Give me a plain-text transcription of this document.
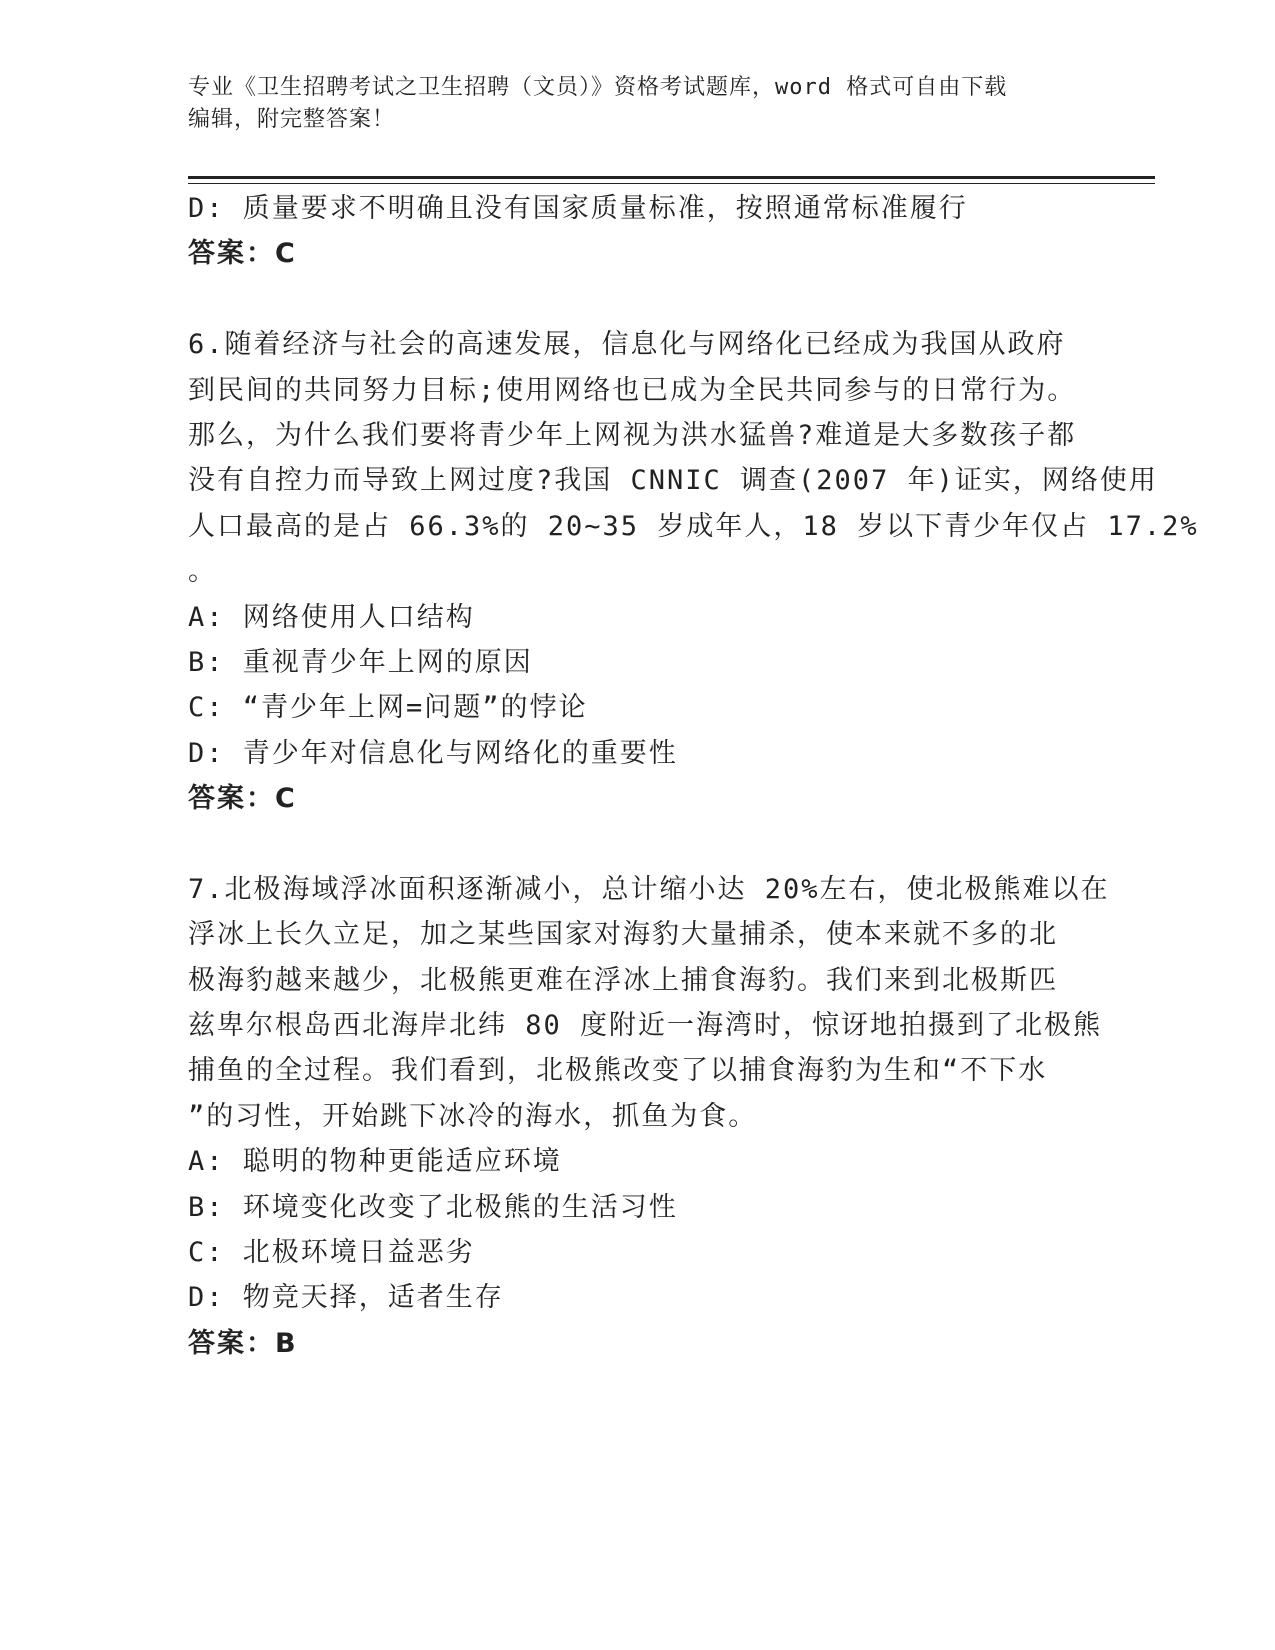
专业《卫生招聘考试之卫生招聘（文员）》资格考试题库，word 格式可自由下载
编辑，附完整答案！
D: 质量要求不明确且没有国家质量标准，按照通常标准履行
答案：C
6.随着经济与社会的高速发展，信息化与网络化已经成为我国从政府
到民间的共同努力目标;使用网络也已成为全民共同参与的日常行为。
那么，为什么我们要将青少年上网视为洪水猛兽?难道是大多数孩子都
没有自控力而导致上网过度?我国 CNNIC 调查(2007 年)证实，网络使用
人口最高的是占 66.3%的 20~35 岁成年人，18 岁以下青少年仅占 17.2%
。
A: 网络使用人口结构
B: 重视青少年上网的原因
C: “青少年上网=问题”的悖论
D: 青少年对信息化与网络化的重要性
答案：C
7.北极海域浮冰面积逐渐减小，总计缩小达 20%左右，使北极熊难以在
浮冰上长久立足，加之某些国家对海豹大量捕杀，使本来就不多的北
极海豹越来越少，北极熊更难在浮冰上捕食海豹。我们来到北极斯匹
兹卑尔根岛西北海岸北纬 80 度附近一海湾时，惊讶地拍摄到了北极熊
捕鱼的全过程。我们看到，北极熊改变了以捕食海豹为生和“不下水
”的习性，开始跳下冰冷的海水，抓鱼为食。
A: 聪明的物种更能适应环境
B: 环境变化改变了北极熊的生活习性
C: 北极环境日益恶劣
D: 物竞天择，适者生存
答案：B
